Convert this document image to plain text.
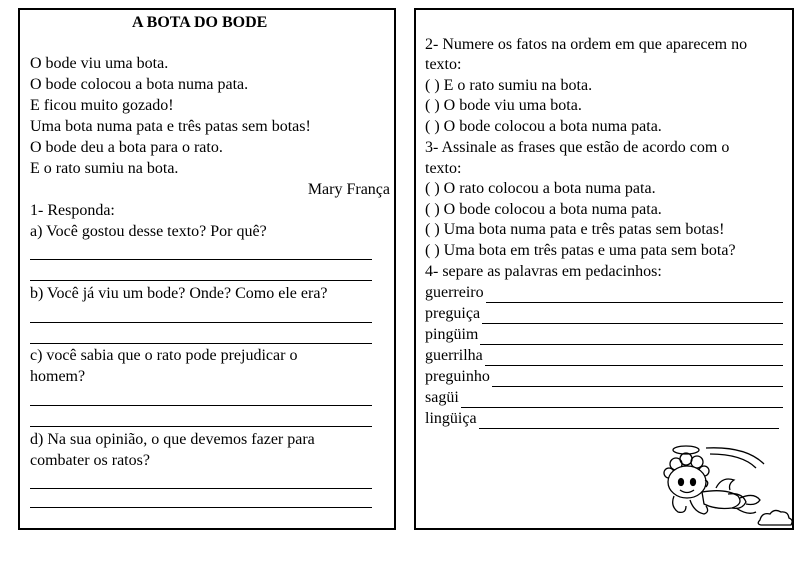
A BOTA DO BODE
O bode viu uma bota.
O bode colocou a bota numa pata.
E ficou muito gozado!
Uma bota numa pata e três patas sem botas!
O bode deu a bota para o rato.
E o rato sumiu na bota.
Mary França
1- Responda:
a) Você gostou desse texto? Por quê?
b) Você já viu um bode? Onde? Como ele era?
c) você sabia que o rato pode prejudicar o
homem?
d) Na sua opinião, o que devemos fazer para
combater os ratos?
2- Numere os fatos na ordem em que aparecem no
texto:
( ) E o rato sumiu na bota.
( ) O bode viu uma bota.
( ) O bode colocou a bota numa pata.
3- Assinale as frases que estão de acordo com o
texto:
( ) O rato colocou a bota numa pata.
( ) O bode colocou a bota numa pata.
( ) Uma bota numa pata e três patas sem botas!
( ) Uma bota em três patas e uma pata sem bota?
4- separe as palavras em pedacinhos:
guerreiro
preguiça
pingüim
guerrilha
preguinho
sagüi
lingüiça
